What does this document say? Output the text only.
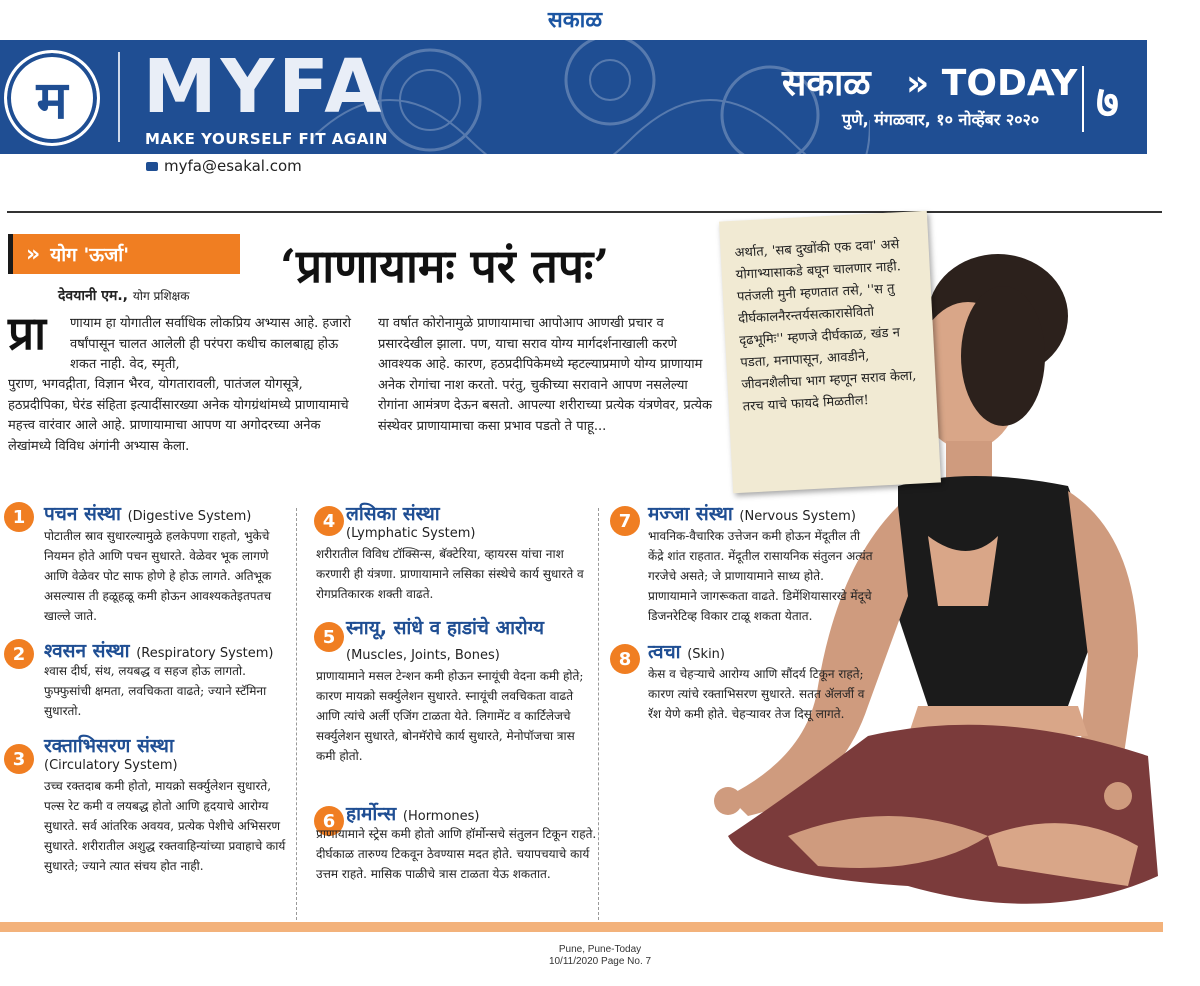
सकाळ
म	MYFA
MAKE YOURSELF FIT AGAIN
सकाळ » TODAY
पुणे, मंगळवार, १० नोव्हेंबर २०२० ७
myfa@esakal.com
» योग 'ऊर्जा'	‘प्राणायामः परं तपः’
देवयानी एम., योग प्रशिक्षक
प्रा णायाम हा योगातील सर्वाधिक लोकप्रिय अभ्यास आहे. हजारो वर्षांपासून चालत आलेली ही परंपरा कधीच कालबाह्य होऊ शकत नाही. वेद, स्मृती,
पुराण, भगवद्गीता, विज्ञान भैरव, योगतारावली, पातंजल योगसूत्रे, हठप्रदीपिका, घेरंड संहिता इत्यादींसारख्या अनेक योगग्रंथांमध्ये प्राणायामाचे महत्त्व वारंवार आले आहे. प्राणायामाचा आपण या अगोदरच्या अनेक लेखांमध्ये विविध अंगांनी अभ्यास केला.
या वर्षात कोरोनामुळे प्राणायामाचा आपोआप आणखी प्रचार व प्रसारदेखील झाला. पण, याचा सराव योग्य मार्गदर्शनाखाली करणे आवश्यक आहे. कारण, हठप्रदीपिकेमध्ये म्हटल्याप्रमाणे योग्य प्राणायाम अनेक रोगांचा नाश करतो. परंतु, चुकीच्या सरावाने आपण नसलेल्या रोगांना आमंत्रण देऊन बसतो. आपल्या शरीराच्या प्रत्येक यंत्रणेवर, प्रत्येक संस्थेवर प्राणायामाचा कसा प्रभाव पडतो ते पाहू...
अर्थात, 'सब दुखोंकी एक दवा' असे योगाभ्यासाकडे बघून चालणार नाही. पतंजली मुनी म्हणतात तसे, ''स तु दीर्घकालनैरन्तर्यसत्कारासेवितो दृढभूमिः'' म्हणजे दीर्घकाळ, खंड न पडता, मनापासून, आवडीने, जीवनशैलीचा भाग म्हणून सराव केला, तरच याचे फायदे मिळतील!
1 पचन संस्था (Digestive System)
पोटातील स्राव सुधारल्यामुळे हलकेपणा राहतो, भुकेचे नियमन होते आणि पचन सुधारते. वेळेवर भूक लागणे आणि वेळेवर पोट साफ होणे हे होऊ लागते. अतिभूक असल्यास ती हळूहळू कमी होऊन आवश्यकतेइतपतच खाल्ले जाते.
2 श्वसन संस्था (Respiratory System)
श्वास दीर्घ, संथ, लयबद्ध व सहज होऊ लागतो. फुफ्फुसांची क्षमता, लवचिकता वाढते; ज्याने स्टॅमिना सुधारतो.
3
रक्ताभिसरण संस्था
(Circulatory System)
उच्च रक्तदाब कमी होतो, मायक्रो सर्क्युलेशन सुधारते, पल्स रेट कमी व लयबद्ध होतो आणि हृदयाचे आरोग्य सुधारते. सर्व आंतरिक अवयव, प्रत्येक पेशीचे अभिसरण सुधारते. शरीरातील अशुद्ध रक्तवाहिन्यांच्या प्रवाहाचे कार्य सुधारते; ज्याने त्यात संचय होत नाही.
4 लसिका संस्था
(Lymphatic System)
शरीरातील विविध टॉक्सिन्स, बॅक्टेरिया, व्हायरस यांचा नाश करणारी ही यंत्रणा. प्राणायामाने लसिका संस्थेचे कार्य सुधारते व रोगप्रतिकारक शक्ती वाढते.
5 स्नायू, सांधे व हाडांचे आरोग्य
(Muscles, Joints, Bones)
प्राणायामाने मसल टेन्शन कमी होऊन स्नायूंची वेदना कमी होते; कारण मायक्रो सर्क्युलेशन सुधारते. स्नायूंची लवचिकता वाढते आणि त्यांचे अर्ली एजिंग टाळता येते. लिगामेंट व कार्टिलेजचे सर्क्युलेशन सुधारते, बोनमॅरोचे कार्य सुधारते, मेनोपॉजचा त्रास कमी होतो.
6 हार्मोन्स (Hormones)
प्राणायामाने स्ट्रेस कमी होतो आणि हॉर्मोन्सचे संतुलन टिकून राहते. दीर्घकाळ तारुण्य टिकवून ठेवण्यास मदत होते. चयापचयाचे कार्य उत्तम राहते. मासिक पाळीचे त्रास टाळता येऊ शकतात.
7 मज्जा संस्था (Nervous System)
भावनिक-वैचारिक उत्तेजन कमी होऊन मेंदूतील ती केंद्रे शांत राहतात. मेंदूतील रासायनिक संतुलन अत्यंत गरजेचे असते; जे प्राणायामाने साध्य होते. प्राणायामाने जागरूकता वाढते. डिमेंशियासारखे मेंदूचे डिजनरेटिव्ह विकार टाळू शकता येतात.
8 त्वचा (Skin)
केस व चेहऱ्याचे आरोग्य आणि सौंदर्य टिकून राहते; कारण त्यांचे रक्ताभिसरण सुधारते. सतत ॲलर्जी व रॅश येणे कमी होते. चेहऱ्यावर तेज दिसू लागते.
Pune, Pune-Today
10/11/2020 Page No. 7
